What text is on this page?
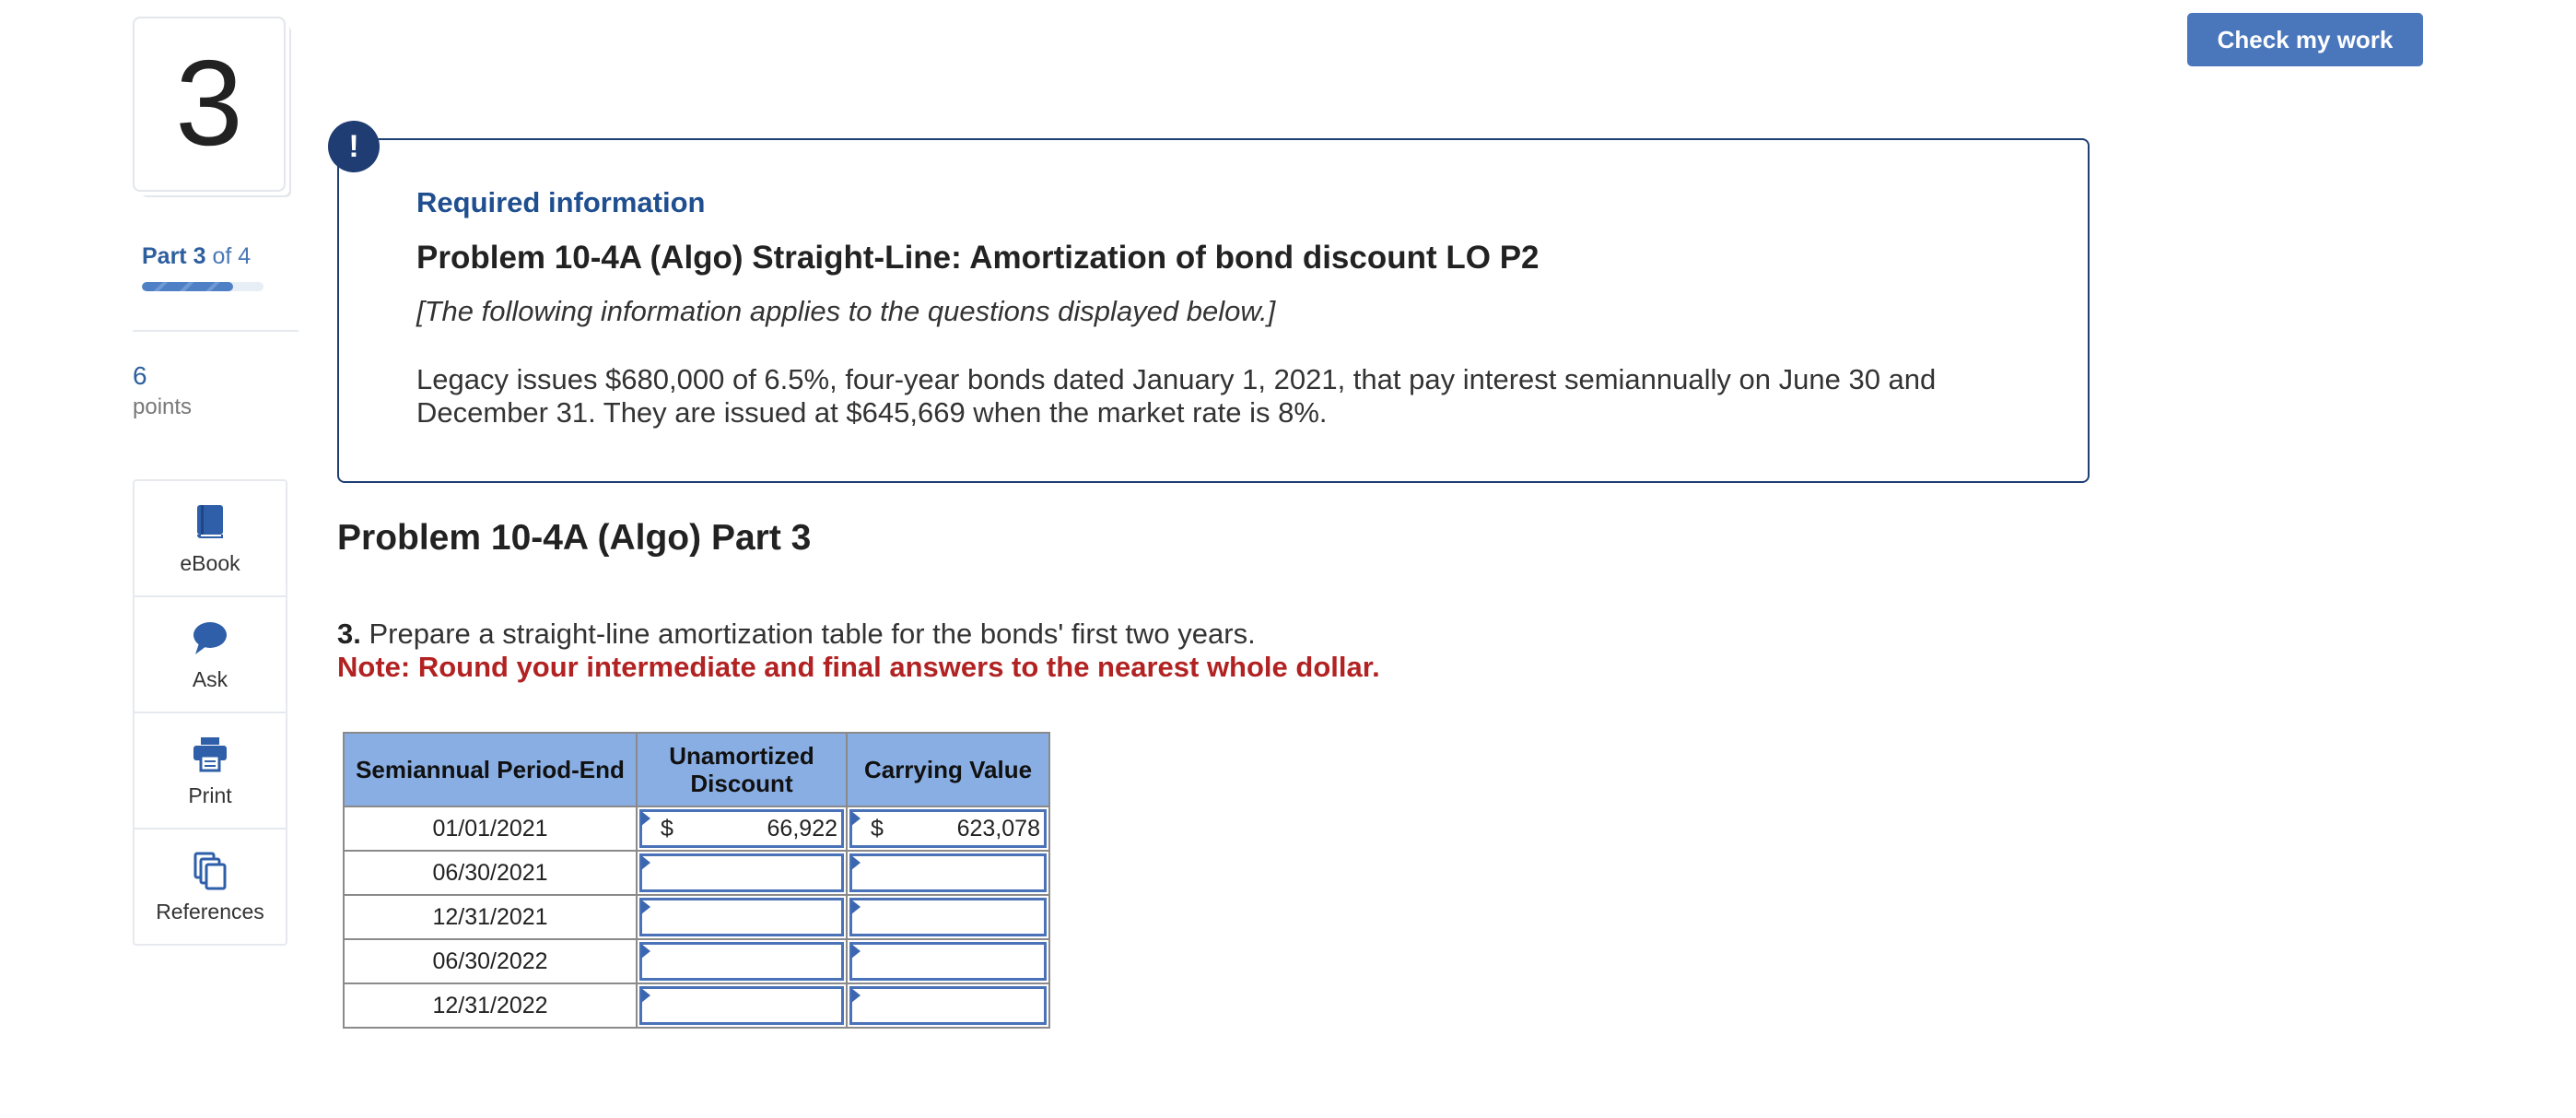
3
Part 3 of 4
6
points
eBook
Ask
Print
References
Check my work
!
Required information
Problem 10-4A (Algo) Straight-Line: Amortization of bond discount LO P2
[The following information applies to the questions displayed below.]
Legacy issues $680,000 of 6.5%, four-year bonds dated January 1, 2021, that pay interest semiannually on June 30 and December 31. They are issued at $645,669 when the market rate is 8%.
Problem 10-4A (Algo) Part 3
3. Prepare a straight-line amortization table for the bonds' first two years.
Note: Round your intermediate and final answers to the nearest whole dollar.
Semiannual Period-End	Unamortized Discount	Carrying Value
01/01/2021	$ 66,922	$ 623,078

06/30/2021	

12/31/2021	

06/30/2022	

12/31/2022	
